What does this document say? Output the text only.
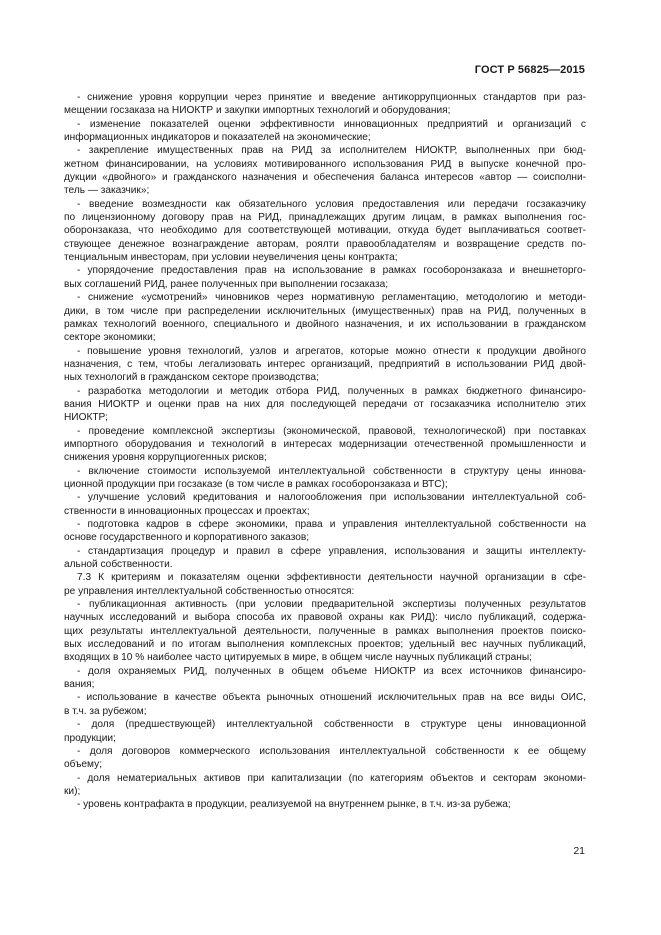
ГОСТ Р 56825—2015
- снижение уровня коррупции через принятие и введение антикоррупционных стандартов при раз-
мещении госзаказа на НИОКТР и закупки импортных технологий и оборудования;
- изменение показателей оценки эффективности инновационных предприятий и организаций с
информационных индикаторов и показателей на экономические;
- закрепление имущественных прав на РИД за исполнителем НИОКТР, выполненных при бюд-
жетном финансировании, на условиях мотивированного использования РИД в выпуске конечной про-
дукции «двойного» и гражданского назначения и обеспечения баланса интересов «автор — соисполни-
тель — заказчик»;
- введение возмездности как обязательного условия предоставления или передачи госзаказчику
по лицензионному договору прав на РИД, принадлежащих другим лицам, в рамках выполнения гос-
оборонзаказа, что необходимо для соответствующей мотивации, откуда будет выплачиваться соответ-
ствующее денежное вознаграждение авторам, роялти правообладателям и возвращение средств по-
тенциальным инвесторам, при условии неувеличения цены контракта;
- упорядочение предоставления прав на использование в рамках гособоронзаказа и внешнеторго-
вых соглашений РИД, ранее полученных при выполнении госзаказа;
- снижение «усмотрений» чиновников через нормативную регламентацию, методологию и методи-
дики, в том числе при распределении исключительных (имущественных) прав на РИД, полученных в
рамках технологий военного, специального и двойного назначения, и их использовании в гражданском
секторе экономики;
- повышение уровня технологий, узлов и агрегатов, которые можно отнести к продукции двойного
назначения, с тем, чтобы легализовать интерес организаций, предприятий в использовании РИД двой-
ных технологий в гражданском секторе производства;
- разработка методологии и методик отбора РИД, полученных в рамках бюджетного финансиро-
вания НИОКТР и оценки прав на них для последующей передачи от госзаказчика исполнителю этих
НИОКТР;
- проведение комплексной экспертизы (экономической, правовой, технологической) при поставках
импортного оборудования и технологий в интересах модернизации отечественной промышленности и
снижения уровня коррупциогенных рисков;
- включение стоимости используемой интеллектуальной собственности в структуру цены иннова-
ционной продукции при госзаказе (в том числе в рамках гособоронзаказа и ВТС);
- улучшение условий кредитования и налогообложения при использовании интеллектуальной соб-
ственности в инновационных процессах и проектах;
- подготовка кадров в сфере экономики, права и управления интеллектуальной собственности на
основе государственного и корпоративного заказов;
- стандартизация процедур и правил в сфере управления, использования и защиты интеллекту-
альной собственности.
7.3 К критериям и показателям оценки эффективности деятельности научной организации в сфе-
ре управления интеллектуальной собственностью относятся:
- публикационная активность (при условии предварительной экспертизы полученных результатов
научных исследований и выбора способа их правовой охраны как РИД): число публикаций, содержа-
щих результаты интеллектуальной деятельности, полученные в рамках выполнения проектов поиско-
вых исследований и по итогам выполнения комплексных проектов; удельный вес научных публикаций,
входящих в 10 % наиболее часто цитируемых в мире, в общем числе научных публикаций страны;
- доля охраняемых РИД, полученных в общем объеме НИОКТР из всех источников финансиро-
вания;
- использование в качестве объекта рыночных отношений исключительных прав на все виды ОИС,
в т.ч. за рубежом;
- доля (предшествующей) интеллектуальной собственности в структуре цены инновационной
продукции;
- доля договоров коммерческого использования интеллектуальной собственности к ее общему
объему;
- доля нематериальных активов при капитализации (по категориям объектов и секторам экономи-
ки);
- уровень контрафакта в продукции, реализуемой на внутреннем рынке, в т.ч. из-за рубежа;
21
